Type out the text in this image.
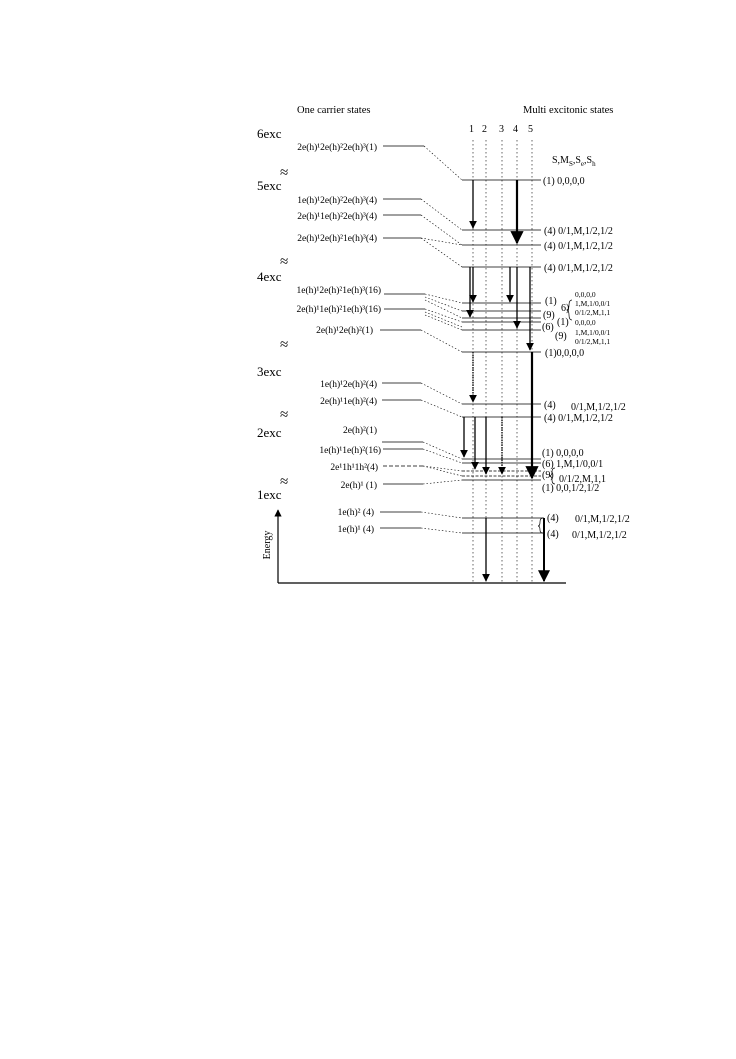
One carrier states	Multi excitonic states
1 2 3 4 5
$S,M_S,S_e,S_h$
6exc
5exc
4exc
3exc
2exc
1exc
≈
≈
≈
≈
≈
2e(h)¹2e(h)²2e(h)³(1)
1e(h)¹2e(h)²2e(h)³(4)
2e(h)¹1e(h)²2e(h)³(4)
2e(h)¹2e(h)²1e(h)³(4)
1e(h)¹2e(h)²1e(h)³(16)
2e(h)¹1e(h)²1e(h)³(16)
2e(h)¹2e(h)²(1)
1e(h)¹2e(h)²(4)
2e(h)¹1e(h)²(4)
2e(h)²(1)
1e(h)¹1e(h)²(16)
2e¹1h¹1h²(4)
2e(h)¹ (1)
1e(h)² (4)
1e(h)¹ (4)
Energy
(1) 0,0,0,0
(4) 0/1,M,1/2,1/2
(4) 0/1,M,1/2,1/2
(4) 0/1,M,1/2,1/2
(1)
(9)
(1)
(6)
(9)
6)
0,0,0,0
1,M,1/0,0/1
0/1/2,M,1,1
0,0,0,0
1,M,1/0,0/1
0/1/2,M,1,1
(1)0,0,0,0
(4) 0/1,M,1/2,1/2
(4) 0/1,M,1/2,1/2
(1) 0,0,0,0
(6) 1,M,1/0,0/1
(9) 0/1/2,M,1,1
(1) 0,0,1/2,1/2
(4) 0/1,M,1/2,1/2
(4) 0/1,M,1/2,1/2
